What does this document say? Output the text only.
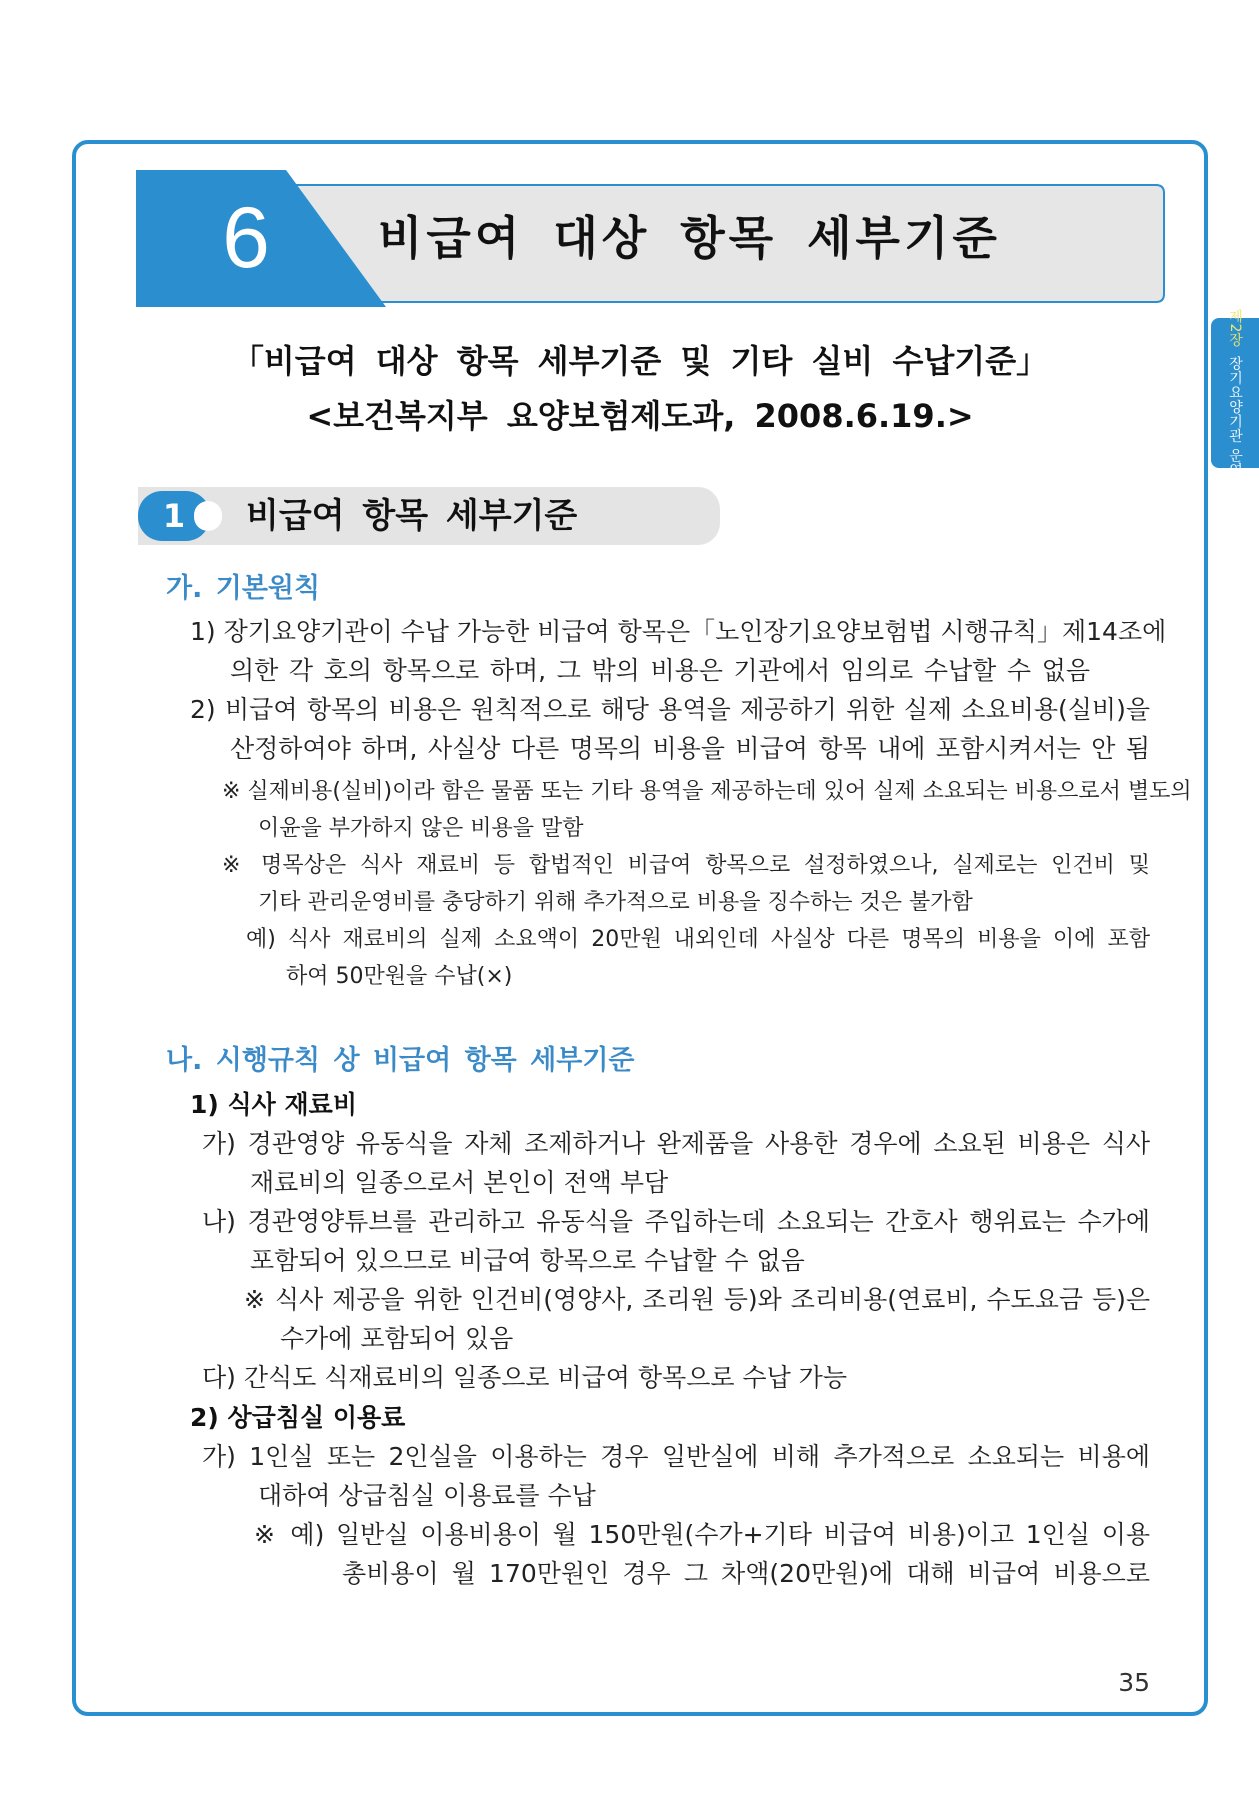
제2장 장기요양기관 운영
6	비급여 대상 항목 세부기준
「비급여 대상 항목 세부기준 및 기타 실비 수납기준」
<보건복지부 요양보험제도과, 2008.6.19.>
1	비급여 항목 세부기준
가. 기본원칙
1) 장기요양기관이 수납 가능한 비급여 항목은「노인장기요양보험법 시행규칙」제14조에
의한 각 호의 항목으로 하며, 그 밖의 비용은 기관에서 임의로 수납할 수 없음
2) 비급여 항목의 비용은 원칙적으로 해당 용역을 제공하기 위한 실제 소요비용(실비)을
산정하여야 하며, 사실상 다른 명목의 비용을 비급여 항목 내에 포함시켜서는 안 됨
※ 실제비용(실비)이라 함은 물품 또는 기타 용역을 제공하는데 있어 실제 소요되는 비용으로서 별도의
이윤을 부가하지 않은 비용을 말함
※ 명목상은 식사 재료비 등 합법적인 비급여 항목으로 설정하였으나, 실제로는 인건비 및
기타 관리운영비를 충당하기 위해 추가적으로 비용을 징수하는 것은 불가함
예) 식사 재료비의 실제 소요액이 20만원 내외인데 사실상 다른 명목의 비용을 이에 포함
하여 50만원을 수납(×)
나. 시행규칙 상 비급여 항목 세부기준
1) 식사 재료비
가) 경관영양 유동식을 자체 조제하거나 완제품을 사용한 경우에 소요된 비용은 식사
재료비의 일종으로서 본인이 전액 부담
나) 경관영양튜브를 관리하고 유동식을 주입하는데 소요되는 간호사 행위료는 수가에
포함되어 있으므로 비급여 항목으로 수납할 수 없음
※ 식사 제공을 위한 인건비(영양사, 조리원 등)와 조리비용(연료비, 수도요금 등)은
수가에 포함되어 있음
다) 간식도 식재료비의 일종으로 비급여 항목으로 수납 가능
2) 상급침실 이용료
가) 1인실 또는 2인실을 이용하는 경우 일반실에 비해 추가적으로 소요되는 비용에
대하여 상급침실 이용료를 수납
※ 예) 일반실 이용비용이 월 150만원(수가+기타 비급여 비용)이고 1인실 이용
총비용이 월 170만원인 경우 그 차액(20만원)에 대해 비급여 비용으로
35
